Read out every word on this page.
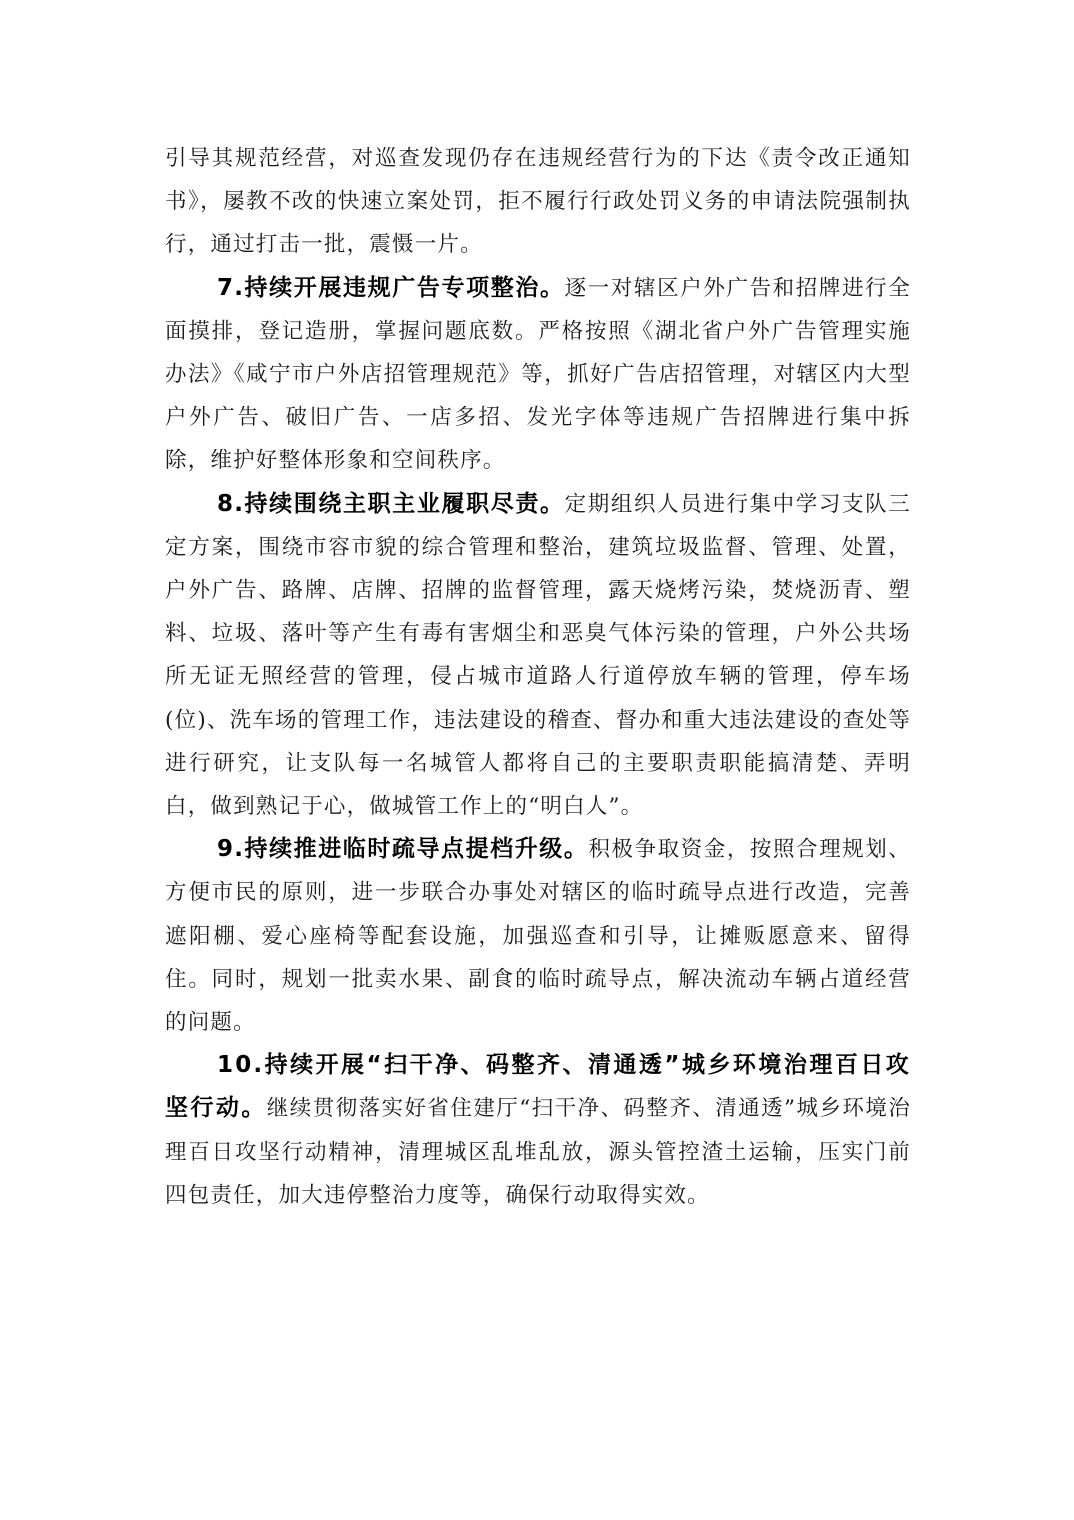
引导其规范经营，对巡查发现仍存在违规经营行为的下达《责令改正通知书》，屡教不改的快速立案处罚，拒不履行行政处罚义务的申请法院强制执行，通过打击一批，震慑一片。

7.持续开展违规广告专项整治。逐一对辖区户外广告和招牌进行全面摸排，登记造册，掌握问题底数。严格按照《湖北省户外广告管理实施办法》《咸宁市户外店招管理规范》等，抓好广告店招管理，对辖区内大型户外广告、破旧广告、一店多招、发光字体等违规广告招牌进行集中拆除，维护好整体形象和空间秩序。

8.持续围绕主职主业履职尽责。定期组织人员进行集中学习支队三定方案，围绕市容市貌的综合管理和整治，建筑垃圾监督、管理、处置，户外广告、路牌、店牌、招牌的监督管理，露天烧烤污染，焚烧沥青、塑料、垃圾、落叶等产生有毒有害烟尘和恶臭气体污染的管理，户外公共场所无证无照经营的管理，侵占城市道路人行道停放车辆的管理，停车场(位)、洗车场的管理工作，违法建设的稽查、督办和重大违法建设的查处等进行研究，让支队每一名城管人都将自己的主要职责职能搞清楚、弄明白，做到熟记于心，做城管工作上的“明白人”。

9.持续推进临时疏导点提档升级。积极争取资金，按照合理规划、方便市民的原则，进一步联合办事处对辖区的临时疏导点进行改造，完善遮阳棚、爱心座椅等配套设施，加强巡查和引导，让摊贩愿意来、留得住。同时，规划一批卖水果、副食的临时疏导点，解决流动车辆占道经营的问题。

10.持续开展“扫干净、码整齐、清通透”城乡环境治理百日攻坚行动。继续贯彻落实好省住建厅“扫干净、码整齐、清通透”城乡环境治理百日攻坚行动精神，清理城区乱堆乱放，源头管控渣土运输，压实门前四包责任，加大违停整治力度等，确保行动取得实效。
